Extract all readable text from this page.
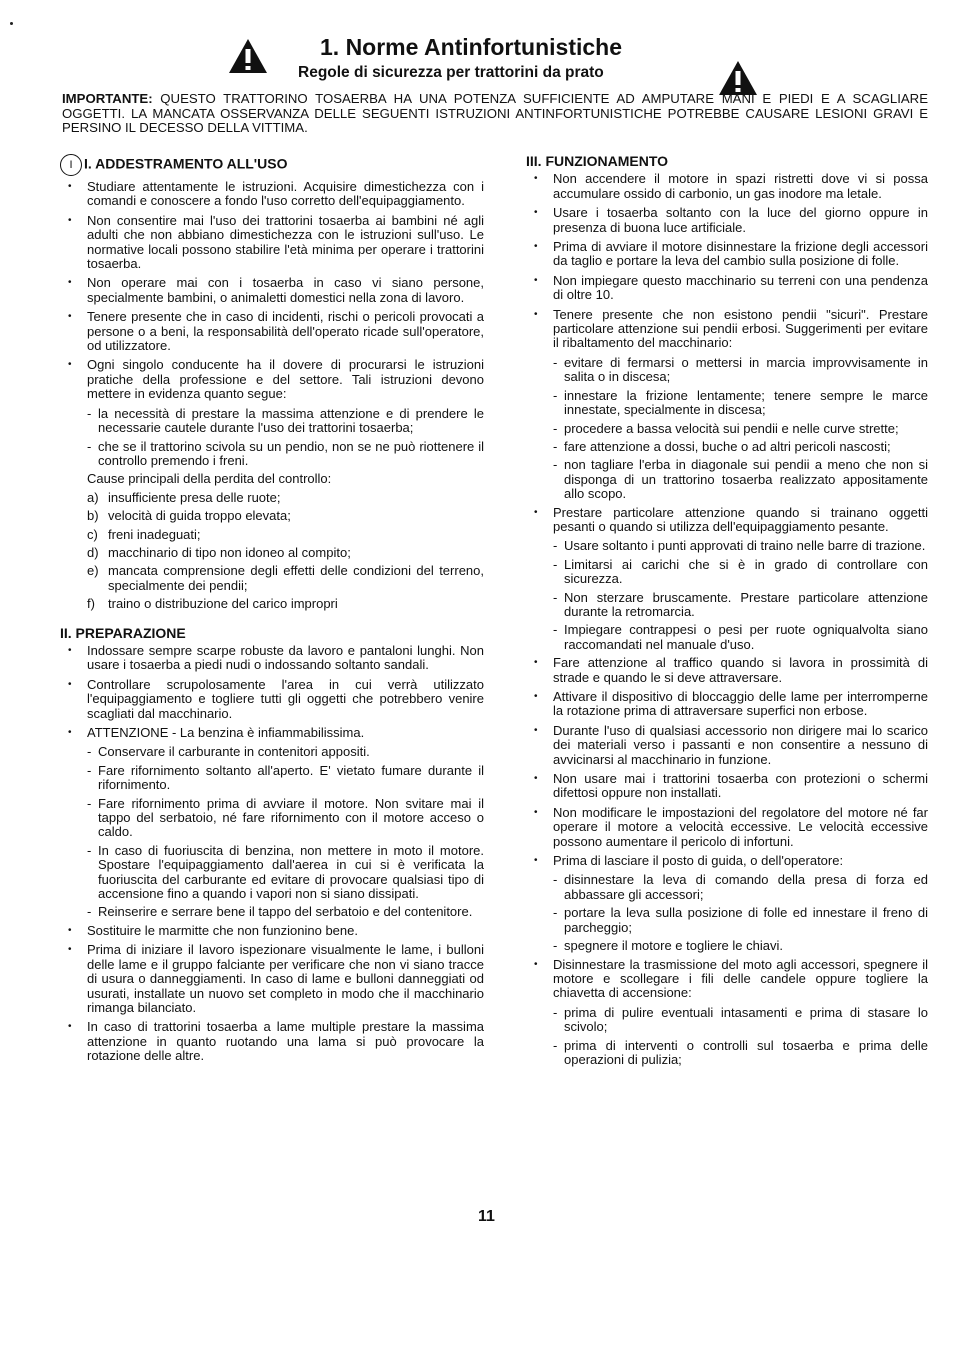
1. Norme Antinfortunistiche
Regole di sicurezza per trattorini da prato
IMPORTANTE: QUESTO TRATTORINO TOSAERBA HA UNA POTENZA SUFFICIENTE AD AMPUTARE MANI E PIEDI E A SCAGLIARE OGGETTI. LA MANCATA OSSERVANZA DELLE SEGUENTI ISTRUZIONI ANTINFORTUNISTICHE POTREBBE CAUSARE LESIONI GRAVI E PERSINO IL DECESSO DELLA VITTIMA.
I I. ADDESTRAMENTO ALL'USO
• Studiare attentamente le istruzioni. Acquisire dimestichezza con i comandi e conoscere a fondo l'uso corretto dell'equipaggiamento.
• Non consentire mai l'uso dei trattorini tosaerba ai bambini né agli adulti che non abbiano dimestichezza con le istruzioni sull'uso. Le normative locali possono stabilire l'età minima per operare i trattorini tosaerba.
• Non operare mai con i tosaerba in caso vi siano persone, specialmente bambini, o animaletti domestici nella zona di lavoro.
• Tenere presente che in caso di incidenti, rischi o pericoli provocati a persone o a beni, la responsabilità dell'operato ricade sull'operatore, od utilizzatore.
• Ogni singolo conducente ha il dovere di procurarsi le istruzioni pratiche della professione e del settore. Tali istruzioni devono mettere in evidenza quanto segue:
- la necessità di prestare la massima attenzione e di prendere le necessarie cautele durante l'uso dei trattorini tosaerba;
- che se il trattorino scivola su un pendio, non se ne può riottenere il controllo premendo i freni.
Cause principali della perdita del controllo:
a) insufficiente presa delle ruote;
b) velocità di guida troppo elevata;
c) freni inadeguati;
d) macchinario di tipo non idoneo al compito;
e) mancata comprensione degli effetti delle condizioni del terreno, specialmente dei pendii;
f) traino o distribuzione del carico impropri
II. PREPARAZIONE
• Indossare sempre scarpe robuste da lavoro e pantaloni lunghi. Non usare i tosaerba a piedi nudi o indossando soltanto sandali.
• Controllare scrupolosamente l'area in cui verrà utilizzato l'equipaggiamento e togliere tutti gli oggetti che potrebbero venire scagliati dal macchinario.
• ATTENZIONE - La benzina è infiammabilissima.
- Conservare il carburante in contenitori appositi.
- Fare rifornimento soltanto all'aperto. E' vietato fumare durante il rifornimento.
- Fare rifornimento prima di avviare il motore. Non svitare mai il tappo del serbatoio, né fare rifornimento con il motore acceso o caldo.
- In caso di fuoriuscita di benzina, non mettere in moto il motore. Spostare l'equipaggiamento dall'aerea in cui si è verificata la fuoriuscita del carburante ed evitare di provocare qualsiasi tipo di accensione fino a quando i vapori non si siano dissipati.
- Reinserire e serrare bene il tappo del serbatoio e del contenitore.
• Sostituire le marmitte che non funzionino bene.
• Prima di iniziare il lavoro ispezionare visualmente le lame, i bulloni delle lame e il gruppo falciante per verificare che non vi siano tracce di usura o danneggiamenti. In caso di lame e bulloni danneggiati od usurati, installate un nuovo set completo in modo che il macchinario rimanga bilanciato.
• In caso di trattorini tosaerba a lame multiple prestare la massima attenzione in quanto ruotando una lama si può provocare la rotazione delle altre.
III. FUNZIONAMENTO
• Non accendere il motore in spazi ristretti dove vi si possa accumulare ossido di carbonio, un gas inodore ma letale.
• Usare i tosaerba soltanto con la luce del giorno oppure in presenza di buona luce artificiale.
• Prima di avviare il motore disinnestare la frizione degli accessori da taglio e portare la leva del cambio sulla posizione di folle.
• Non impiegare questo macchinario su terreni con una pendenza di oltre 10.
• Tenere presente che non esistono pendii "sicuri". Prestare particolare attenzione sui pendii erbosi. Suggerimenti per evitare il ribaltamento del macchinario:
- evitare di fermarsi o mettersi in marcia improvvisamente in salita o in discesa;
- innestare la frizione lentamente; tenere sempre le marce innestate, specialmente in discesa;
- procedere a bassa velocità sui pendii e nelle curve strette;
- fare attenzione a dossi, buche o ad altri pericoli nascosti;
- non tagliare l'erba in diagonale sui pendii a meno che non si disponga di un trattorino tosaerba realizzato appositamente allo scopo.
• Prestare particolare attenzione quando si trainano oggetti pesanti o quando si utilizza dell'equipaggiamento pesante.
- Usare soltanto i punti approvati di traino nelle barre di trazione.
- Limitarsi ai carichi che si è in grado di controllare con sicurezza.
- Non sterzare bruscamente. Prestare particolare attenzione durante la retromarcia.
- Impiegare contrappesi o pesi per ruote ogniqualvolta siano raccomandati nel manuale d'uso.
• Fare attenzione al traffico quando si lavora in prossimità di strade e quando le si deve attraversare.
• Attivare il dispositivo di bloccaggio delle lame per interromperne la rotazione prima di attraversare superfici non erbose.
• Durante l'uso di qualsiasi accessorio non dirigere mai lo scarico dei materiali verso i passanti e non consentire a nessuno di avvicinarsi al macchinario in funzione.
• Non usare mai i trattorini tosaerba con protezioni o schermi difettosi oppure non installati.
• Non modificare le impostazioni del regolatore del motore né far operare il motore a velocità eccessive. Le velocità eccessive possono aumentare il pericolo di infortuni.
• Prima di lasciare il posto di guida, o dell'operatore:
- disinnestare la leva di comando della presa di forza ed abbassare gli accessori;
- portare la leva sulla posizione di folle ed innestare il freno di parcheggio;
- spegnere il motore e togliere le chiavi.
• Disinnestare la trasmissione del moto agli accessori, spegnere il motore e scollegare i fili delle candele oppure togliere la chiavetta di accensione:
- prima di pulire eventuali intasamenti e prima di stasare lo scivolo;
- prima di interventi o controlli sul tosaerba e prima delle operazioni di pulizia;
11
